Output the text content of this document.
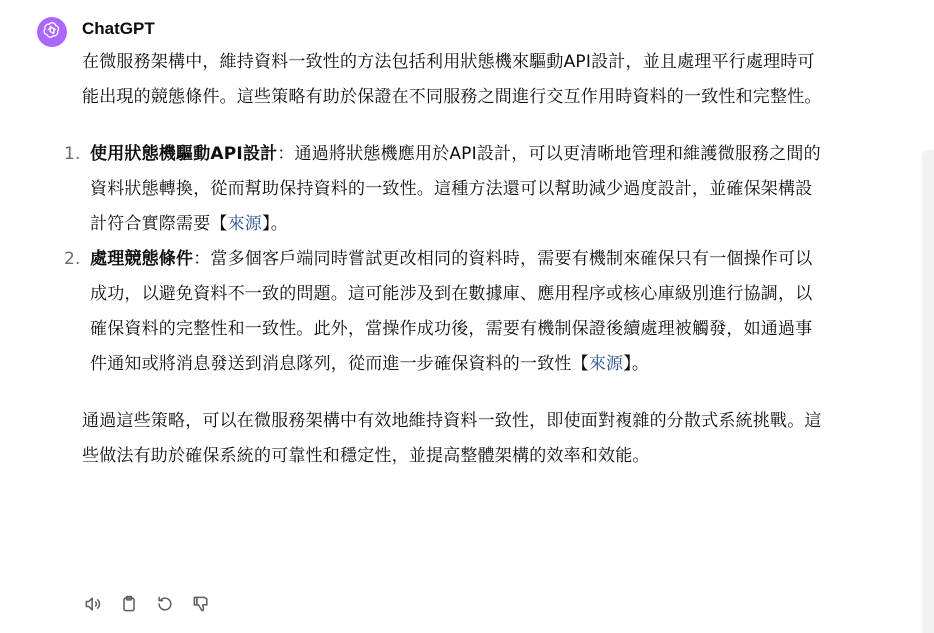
ChatGPT

在微服務架構中，維持資料一致性的方法包括利用狀態機來驅動API設計，並且處理平行處理時可能出現的競態條件。這些策略有助於保證在不同服務之間進行交互作用時資料的一致性和完整性。

1. 使用狀態機驅動API設計：通過將狀態機應用於API設計，可以更清晰地管理和維護微服務之間的資料狀態轉換，從而幫助保持資料的一致性。這種方法還可以幫助減少過度設計，並確保架構設計符合實際需要【來源】。
2. 處理競態條件：當多個客戶端同時嘗試更改相同的資料時，需要有機制來確保只有一個操作可以成功，以避免資料不一致的問題。這可能涉及到在數據庫、應用程序或核心庫級別進行協調，以確保資料的完整性和一致性。此外，當操作成功後，需要有機制保證後續處理被觸發，如通過事件通知或將消息發送到消息隊列，從而進一步確保資料的一致性【來源】。

通過這些策略，可以在微服務架構中有效地維持資料一致性，即使面對複雜的分散式系統挑戰。這些做法有助於確保系統的可靠性和穩定性，並提高整體架構的效率和效能。
